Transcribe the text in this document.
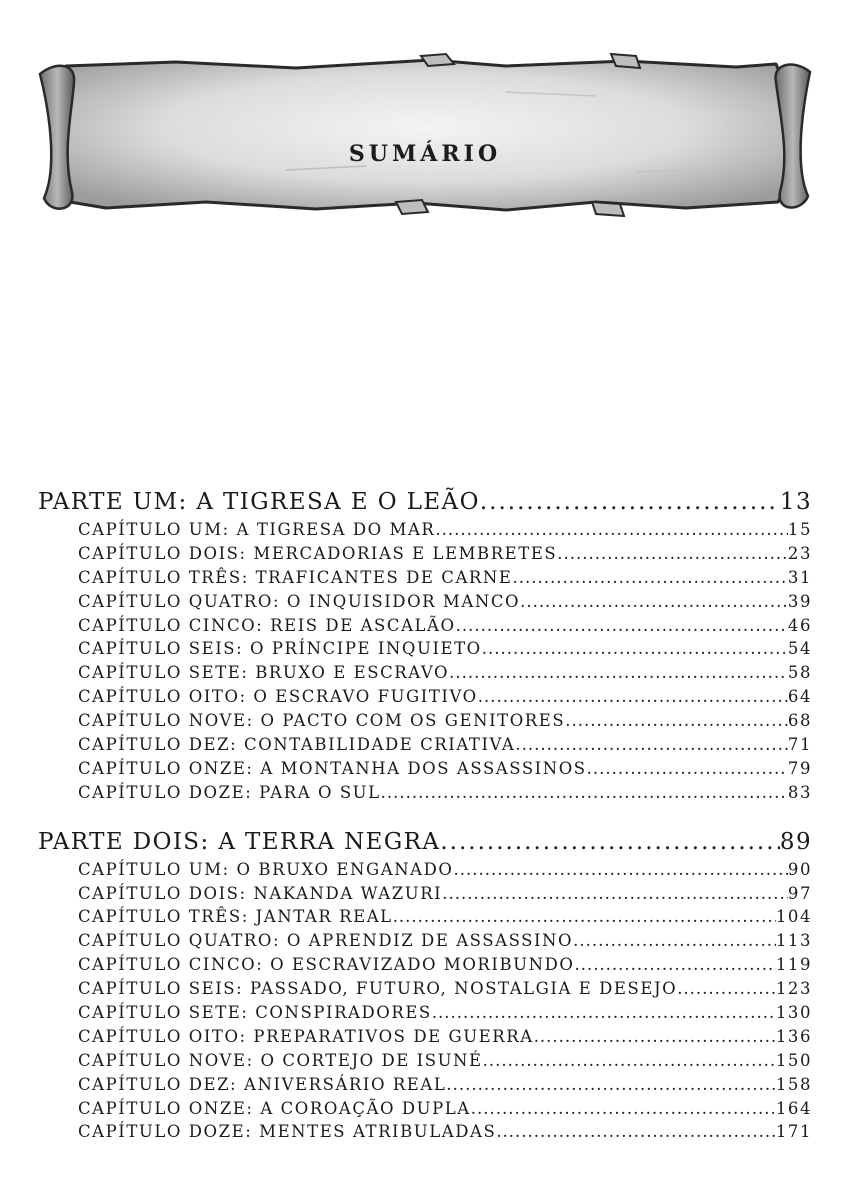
SUMÁRIO
PARTE UM: A TIGRESA E O LEÃO .....	13
CAPÍTULO UM: A TIGRESA DO MAR .....	15
CAPÍTULO DOIS: MERCADORIAS E LEMBRETES .....	23
CAPÍTULO TRÊS: TRAFICANTES DE CARNE .....	31
CAPÍTULO QUATRO: O INQUISIDOR MANCO .....	39
CAPÍTULO CINCO: REIS DE ASCALÃO .....	46
CAPÍTULO SEIS: O PRÍNCIPE INQUIETO .....	54
CAPÍTULO SETE: BRUXO E ESCRAVO .....	58
CAPÍTULO OITO: O ESCRAVO FUGITIVO .....	64
CAPÍTULO NOVE: O PACTO COM OS GENITORES .....	68
CAPÍTULO DEZ: CONTABILIDADE CRIATIVA .....	71
CAPÍTULO ONZE: A MONTANHA DOS ASSASSINOS .....	79
CAPÍTULO DOZE: PARA O SUL .....	83
PARTE DOIS: A TERRA NEGRA .....	89
CAPÍTULO UM: O BRUXO ENGANADO .....	90
CAPÍTULO DOIS: NAKANDA WAZURI .....	97
CAPÍTULO TRÊS: JANTAR REAL .....	104
CAPÍTULO QUATRO: O APRENDIZ DE ASSASSINO .....	113
CAPÍTULO CINCO: O ESCRAVIZADO MORIBUNDO .....	119
CAPÍTULO SEIS: PASSADO, FUTURO, NOSTALGIA E DESEJO .....	123
CAPÍTULO SETE: CONSPIRADORES .....	130
CAPÍTULO OITO: PREPARATIVOS DE GUERRA .....	136
CAPÍTULO NOVE: O CORTEJO DE ISUNÉ .....	150
CAPÍTULO DEZ: ANIVERSÁRIO REAL .....	158
CAPÍTULO ONZE: A COROAÇÃO DUPLA .....	164
CAPÍTULO DOZE: MENTES ATRIBULADAS .....	171
